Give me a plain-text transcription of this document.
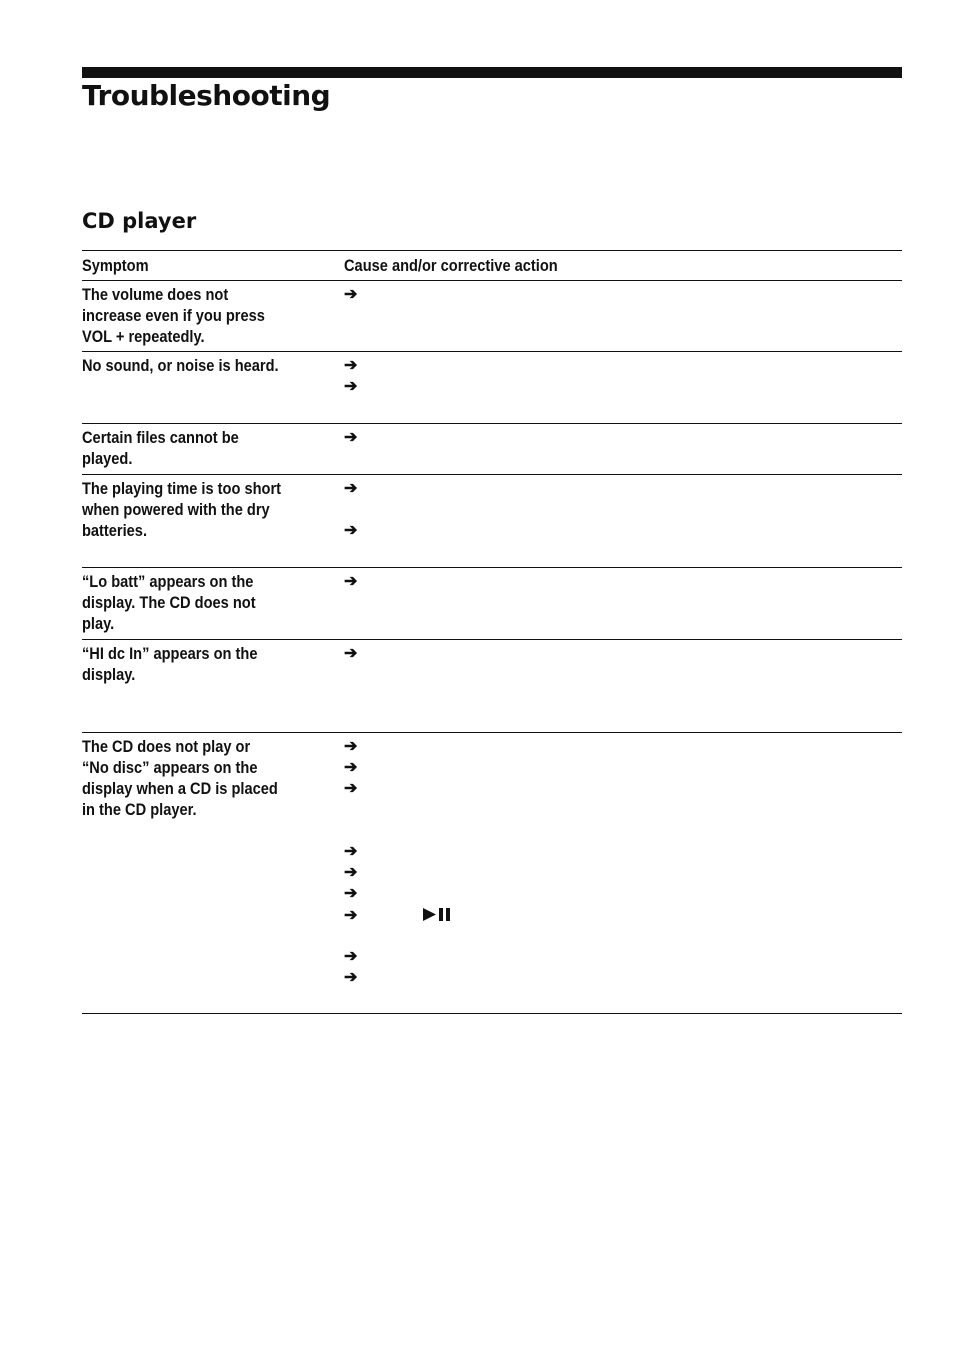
Troubleshooting
CD player
Symptom	Cause and/or corrective action
The volume does not
increase even if you press
VOL + repeatedly.
➔
No sound, or noise is heard.	➔
➔
Certain files cannot be
played.
➔
The playing time is too short
when powered with the dry
batteries.
➔
➔
“Lo batt” appears on the
display. The CD does not
play.
➔
“HI dc In” appears on the
display.
➔
The CD does not play or
“No disc” appears on the
display when a CD is placed
in the CD player.
➔
➔
➔
➔
➔
➔
➔
➔
➔
